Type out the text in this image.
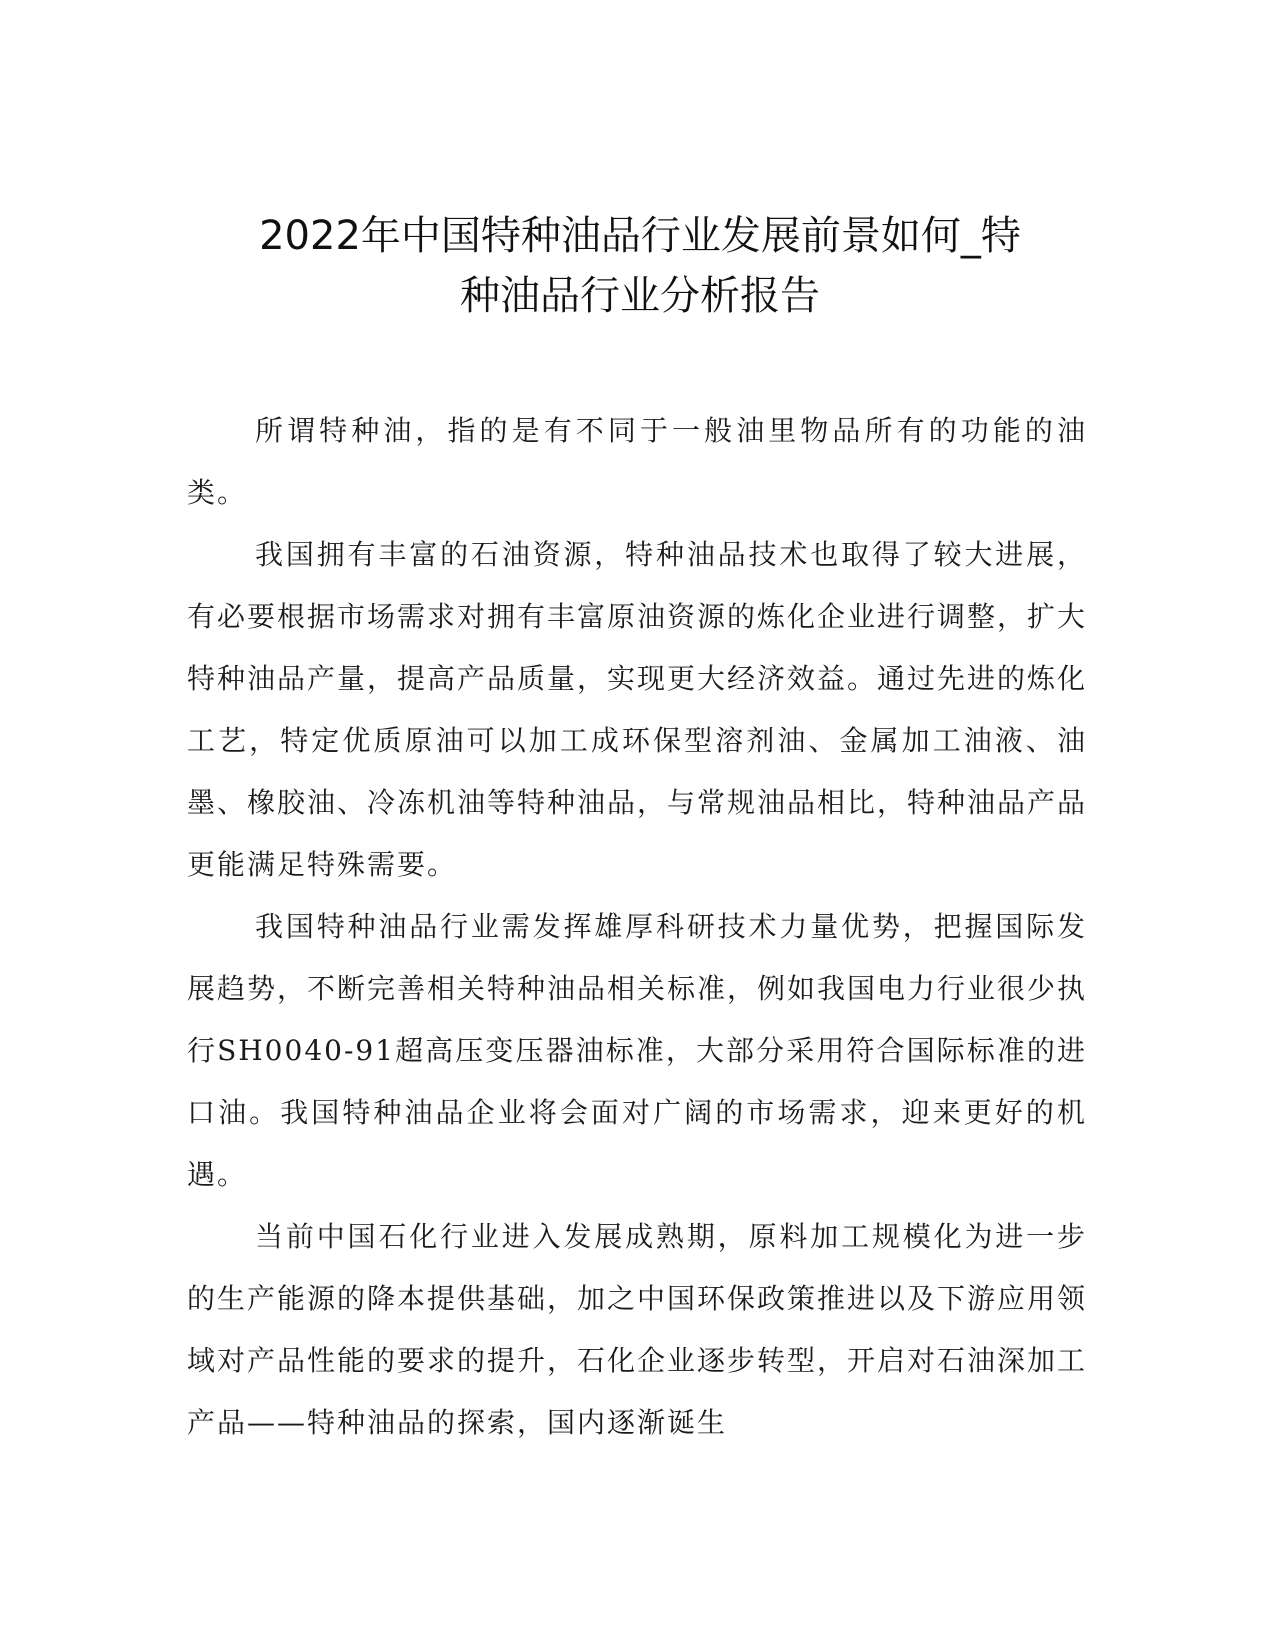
2022年中国特种油品行业发展前景如何_特
种油品行业分析报告

所谓特种油，指的是有不同于一般油里物品所有的功能的油类。

我国拥有丰富的石油资源，特种油品技术也取得了较大进展，有必要根据市场需求对拥有丰富原油资源的炼化企业进行调整，扩大特种油品产量，提高产品质量，实现更大经济效益。通过先进的炼化工艺，特定优质原油可以加工成环保型溶剂油、金属加工油液、油墨、橡胶油、冷冻机油等特种油品，与常规油品相比，特种油品产品更能满足特殊需要。

我国特种油品行业需发挥雄厚科研技术力量优势，把握国际发展趋势，不断完善相关特种油品相关标准，例如我国电力行业很少执行SH0040-91超高压变压器油标准，大部分采用符合国际标准的进口油。我国特种油品企业将会面对广阔的市场需求，迎来更好的机遇。

当前中国石化行业进入发展成熟期，原料加工规模化为进一步的生产能源的降本提供基础，加之中国环保政策推进以及下游应用领域对产品性能的要求的提升，石化企业逐步转型，开启对石油深加工产品——特种油品的探索，国内逐渐诞生
